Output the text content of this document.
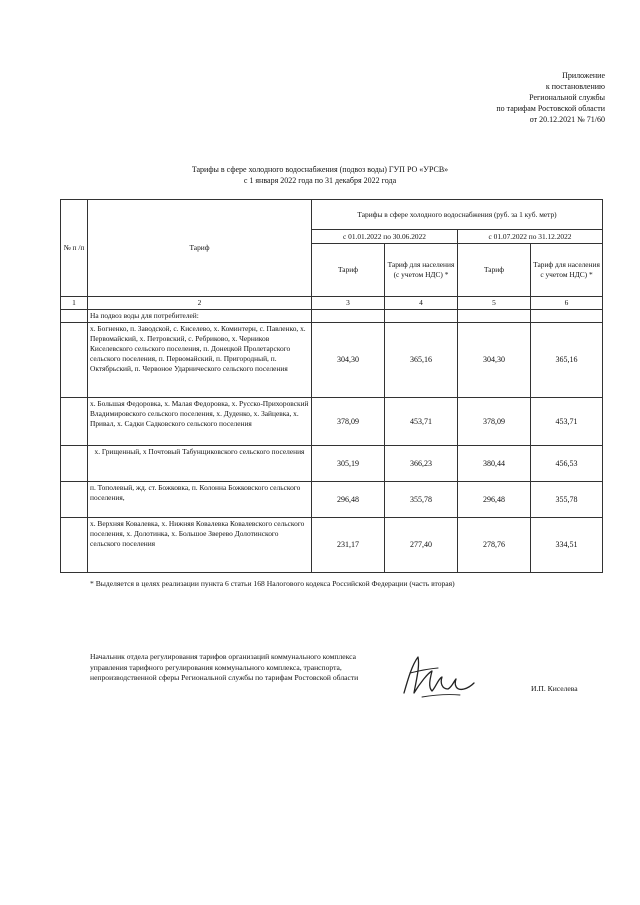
Приложение
к постановлению
Региональной службы
по тарифам Ростовской области
от 20.12.2021 № 71/60
Тарифы в сфере холодного водоснабжения (подвоз воды) ГУП РО «УРСВ»
с 1 января 2022 года по 31 декабря 2022 года
№ п /п	Тариф	Тарифы в сфере холодного водоснабжения (руб. за 1 куб. метр)			
		с 01.01.2022 по 30.06.2022		с 01.07.2022 по 31.12.2022	
		Тариф	Тариф для населения (с учетом НДС) *	Тариф	Тариф для населения с учетом НДС) *
1	2	3	4	5	6
	На подвоз воды для потребителей:				
	х. Богненко, п. Заводской, с. Киселево, х. Коминтерн, с. Павленко, х. Первомайский, х. Петровский, с. Ребриково, х. Черников Киселевского сельского поселения, п. Донецкой Пролетарского сельского поселения, п. Первомайский, п. Пригородный, п. Октябрьский, п. Червоное Ударнического сельского поселения	304,30	365,16	304,30	365,16
	х. Большая Федоровка, х. Малая Федоровка, х. Русско-Прихоровский Владимировского сельского поселения, х. Дуденко, х. Зайцевка, х. Привал, х. Садки Садковского сельского поселения	378,09	453,71	378,09	453,71
	х. Грищенный, х Почтовый Табунщиковского сельского поселения	305,19	366,23	380,44	456,53
	п. Тополевый, жд. ст. Божковка, п. Колонна Божковского сельского поселения,	296,48	355,78	296,48	355,78
	х. Верхняя Ковалевка, х. Нижняя Ковалевка Ковалевского сельского поселения, х. Долотинка, х. Большое Зверево Долотинского сельского поселения	231,17	277,40	278,76	334,51
* Выделяется в целях реализации пункта 6 статьи 168 Налогового кодекса Российской Федерации (часть вторая)
Начальник отдела регулирования тарифов организаций коммунального комплекса управления тарифного регулирования коммунального комплекса, транспорта, непроизводственной сферы Региональной службы по тарифам Ростовской области
И.П. Киселева
